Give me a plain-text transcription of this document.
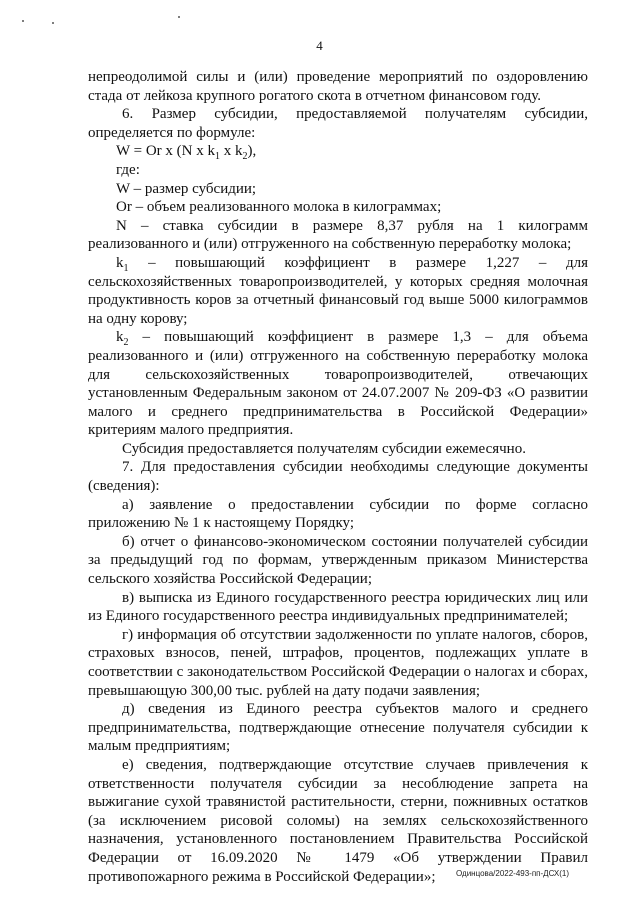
4

непреодолимой силы и (или) проведение мероприятий по оздоровлению стада от лейкоза крупного рогатого скота в отчетном финансовом году.

6. Размер субсидии, предоставляемой получателям субсидии, определяется по формуле:

W = Or x (N x $k_1$ x $k_2$),

где:

W – размер субсидии;

Or – объем реализованного молока в килограммах;

N – ставка субсидии в размере 8,37 рубля на 1 килограмм реализованного и (или) отгруженного на собственную переработку молока;

$k_1$ – повышающий коэффициент в размере 1,227 – для сельскохозяйственных товаропроизводителей, у которых средняя молочная продуктивность коров за отчетный финансовый год выше 5000 килограммов на одну корову;

$k_2$ – повышающий коэффициент в размере 1,3 – для объема реализованного и (или) отгруженного на собственную переработку молока для сельскохозяйственных товаропроизводителей, отвечающих установленным Федеральным законом от 24.07.2007 № 209-ФЗ «О развитии малого и среднего предпринимательства в Российской Федерации» критериям малого предприятия.

Субсидия предоставляется получателям субсидии ежемесячно.

7. Для предоставления субсидии необходимы следующие документы (сведения):

а) заявление о предоставлении субсидии по форме согласно приложению № 1 к настоящему Порядку;

б) отчет о финансово-экономическом состоянии получателей субсидии за предыдущий год по формам, утвержденным приказом Министерства сельского хозяйства Российской Федерации;

в) выписка из Единого государственного реестра юридических лиц или из Единого государственного реестра индивидуальных предпринимателей;

г) информация об отсутствии задолженности по уплате налогов, сборов, страховых взносов, пеней, штрафов, процентов, подлежащих уплате в соответствии с законодательством Российской Федерации о налогах и сборах, превышающую 300,00 тыс. рублей на дату подачи заявления;

д) сведения из Единого реестра субъектов малого и среднего предпринимательства, подтверждающие отнесение получателя субсидии к малым предприятиям;

е) сведения, подтверждающие отсутствие случаев привлечения к ответственности получателя субсидии за несоблюдение запрета на выжигание сухой травянистой растительности, стерни, пожнивных остатков (за исключением рисовой соломы) на землях сельскохозяйственного назначения, установленного постановлением Правительства Российской Федерации от 16.09.2020 № 1479 «Об утверждении Правил противопожарного режима в Российской Федерации»;	Одинцова/2022-493-пп-ДСХ(1)
